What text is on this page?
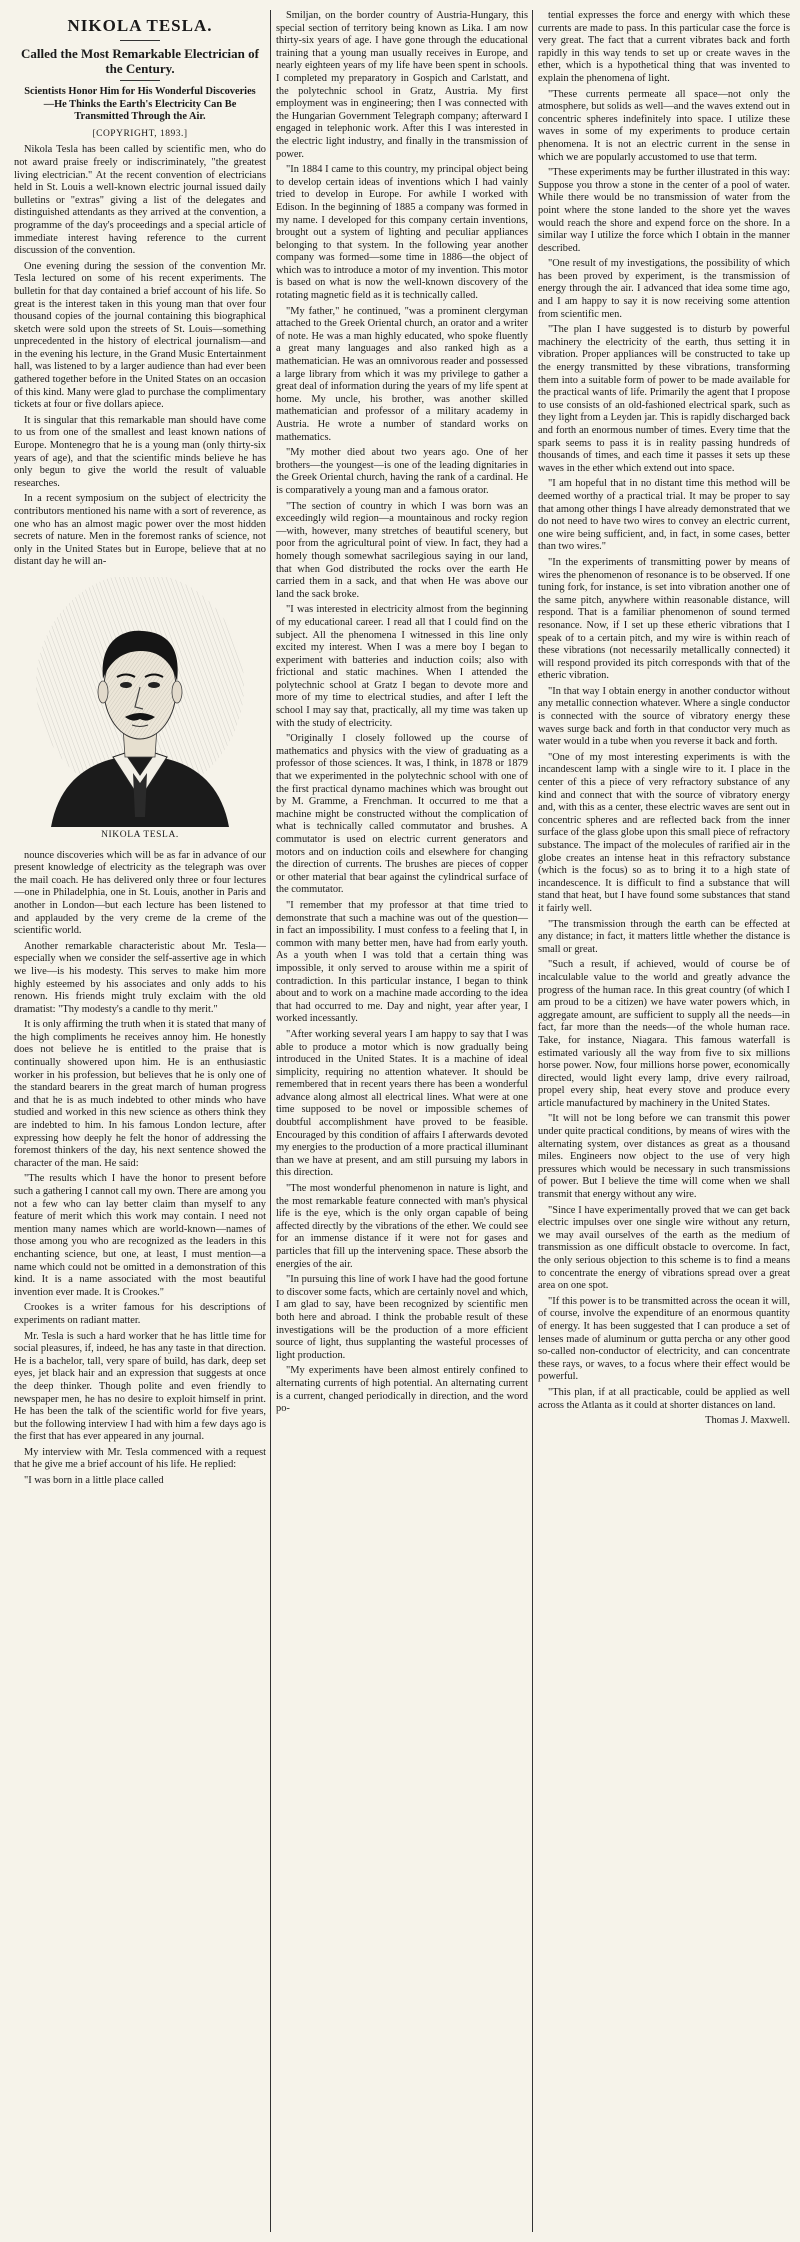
NIKOLA TESLA.
Called the Most Remarkable Electrician of the Century.
Scientists Honor Him for His Wonderful Discoveries—He Thinks the Earth's Electricity Can Be Transmitted Through the Air.
[COPYRIGHT, 1893.]

Nikola Tesla has been called by scientific men, who do not award praise freely or indiscriminately, "the greatest living electrician." At the recent convention of electricians held in St. Louis a well-known electric journal issued daily bulletins or "extras" giving a list of the delegates and distinguished attendants as they arrived at the convention, a programme of the day's proceedings and a special article of immediate interest having reference to the current discussion of the convention.

One evening during the session of the convention Mr. Tesla lectured on some of his recent experiments. The bulletin for that day contained a brief account of his life. So great is the interest taken in this young man that over four thousand copies of the journal containing this biographical sketch were sold upon the streets of St. Louis—something unprecedented in the history of electrical journalism—and in the evening his lecture, in the Grand Music Entertainment hall, was listened to by a larger audience than had ever been gathered together before in the United States on an occasion of this kind. Many were glad to purchase the complimentary tickets at four or five dollars apiece.

It is singular that this remarkable man should have come to us from one of the smallest and least known nations of Europe. Montenegro that he is a young man (only thirty-six years of age), and that the scientific minds believe he has only begun to give the world the result of valuable researches.

In a recent symposium on the subject of electricity the contributors mentioned his name with a sort of reverence, as one who has an almost magic power over the most hidden secrets of nature. Men in the foremost ranks of science, not only in the United States but in Europe, believe that at no distant day he will an-

NIKOLA TESLA.

nounce discoveries which will be as far in advance of our present knowledge of electricity as the telegraph was over the mail coach. He has delivered only three or four lectures—one in Philadelphia, one in St. Louis, another in Paris and another in London—but each lecture has been listened to and applauded by the very creme de la creme of the scientific world.

Another remarkable characteristic about Mr. Tesla—especially when we consider the self-assertive age in which we live—is his modesty. This serves to make him more highly esteemed by his associates and only adds to his renown. His friends might truly exclaim with the old dramatist: "Thy modesty's a candle to thy merit."

It is only affirming the truth when it is stated that many of the high compliments he receives annoy him. He honestly does not believe he is entitled to the praise that is continually showered upon him. He is an enthusiastic worker in his profession, but believes that he is only one of the standard bearers in the great march of human progress and that he is as much indebted to other minds who have studied and worked in this new science as others think they are indebted to him. In his famous London lecture, after expressing how deeply he felt the honor of addressing the foremost thinkers of the day, his next sentence showed the character of the man. He said:

"The results which I have the honor to present before such a gathering I cannot call my own. There are among you not a few who can lay better claim than myself to any feature of merit which this work may contain. I need not mention many names which are world-known—names of those among you who are recognized as the leaders in this enchanting science, but one, at least, I must mention—a name which could not be omitted in a demonstration of this kind. It is a name associated with the most beautiful invention ever made. It is Crookes."

Crookes is a writer famous for his descriptions of experiments on radiant matter.

Mr. Tesla is such a hard worker that he has little time for social pleasures, if, indeed, he has any taste in that direction. He is a bachelor, tall, very spare of build, has dark, deep set eyes, jet black hair and an expression that suggests at once the deep thinker. Though polite and even friendly to newspaper men, he has no desire to exploit himself in print. He has been the talk of the scientific world for five years, but the following interview I had with him a few days ago is the first that has ever appeared in any journal.

My interview with Mr. Tesla commenced with a request that he give me a brief account of his life. He replied:

"I was born in a little place called

Smiljan, on the border country of Austria-Hungary, this special section of territory being known as Lika. I am now thirty-six years of age. I have gone through the educational training that a young man usually receives in Europe, and nearly eighteen years of my life have been spent in schools. I completed my preparatory in Gospich and Carlstatt, and the polytechnic school in Gratz, Austria. My first employment was in engineering; then I was connected with the Hungarian Government Telegraph company; afterward I engaged in telephonic work. After this I was interested in the electric light industry, and finally in the transmission of power.

"In 1884 I came to this country, my principal object being to develop certain ideas of inventions which I had vainly tried to develop in Europe. For awhile I worked with Edison. In the beginning of 1885 a company was formed in my name. I developed for this company certain inventions, brought out a system of lighting and peculiar appliances belonging to that system. In the following year another company was formed—some time in 1886—the object of which was to introduce a motor of my invention. This motor is based on what is now the well-known discovery of the rotating magnetic field as it is technically called.

"My father," he continued, "was a prominent clergyman attached to the Greek Oriental church, an orator and a writer of note. He was a man highly educated, who spoke fluently a great many languages and also ranked high as a mathematician. He was an omnivorous reader and possessed a large library from which it was my privilege to gather a great deal of information during the years of my life spent at home. My uncle, his brother, was another skilled mathematician and professor of a military academy in Austria. He wrote a number of standard works on mathematics.

"My mother died about two years ago. One of her brothers—the youngest—is one of the leading dignitaries in the Greek Oriental church, having the rank of a cardinal. He is comparatively a young man and a famous orator.

"The section of country in which I was born was an exceedingly wild region—a mountainous and rocky region—with, however, many stretches of beautiful scenery, but poor from the agricultural point of view. In fact, they had a homely though somewhat sacrilegious saying in our land, that when God distributed the rocks over the earth He carried them in a sack, and that when He was above our land the sack broke.

"I was interested in electricity almost from the beginning of my educational career. I read all that I could find on the subject. All the phenomena I witnessed in this line only excited my interest. When I was a mere boy I began to experiment with batteries and induction coils; also with frictional and static machines. When I attended the polytechnic school at Gratz I began to devote more and more of my time to electrical studies, and after I left the school I may say that, practically, all my time was taken up with the study of electricity.

"Originally I closely followed up the course of mathematics and physics with the view of graduating as a professor of those sciences. It was, I think, in 1878 or 1879 that we experimented in the polytechnic school with one of the first practical dynamo machines which was brought out by M. Gramme, a Frenchman. It occurred to me that a machine might be constructed without the complication of what is technically called commutator and brushes. A commutator is used on electric current generators and motors and on induction coils and elsewhere for changing the direction of currents. The brushes are pieces of copper or other material that bear against the cylindrical surface of the commutator.

"I remember that my professor at that time tried to demonstrate that such a machine was out of the question—in fact an impossibility. I must confess to a feeling that I, in common with many better men, have had from early youth. As a youth when I was told that a certain thing was impossible, it only served to arouse within me a spirit of contradiction. In this particular instance, I began to think about and to work on a machine made according to the idea that had occurred to me. Day and night, year after year, I worked incessantly.

"After working several years I am happy to say that I was able to produce a motor which is now gradually being introduced in the United States. It is a machine of ideal simplicity, requiring no attention whatever. It should be remembered that in recent years there has been a wonderful advance along almost all electrical lines. What were at one time supposed to be novel or impossible schemes of doubtful accomplishment have proved to be feasible. Encouraged by this condition of affairs I afterwards devoted my energies to the production of a more practical illuminant than we have at present, and am still pursuing my labors in this direction.

"The most wonderful phenomenon in nature is light, and the most remarkable feature connected with man's physical life is the eye, which is the only organ capable of being affected directly by the vibrations of the ether. We could see for an immense distance if it were not for gases and particles that fill up the intervening space. These absorb the energies of the air.

"In pursuing this line of work I have had the good fortune to discover some facts, which are certainly novel and which, I am glad to say, have been recognized by scientific men both here and abroad. I think the probable result of these investigations will be the production of a more efficient source of light, thus supplanting the wasteful processes of light production.

"My experiments have been almost entirely confined to alternating currents of high potential. An alternating current is a current, changed periodically in direction, and the word po-

tential expresses the force and energy with which these currents are made to pass. In this particular case the force is very great. The fact that a current vibrates back and forth rapidly in this way tends to set up or create waves in the ether, which is a hypothetical thing that was invented to explain the phenomena of light.

"These currents permeate all space—not only the atmosphere, but solids as well—and the waves extend out in concentric spheres indefinitely into space. I utilize these waves in some of my experiments to produce certain phenomena. It is not an electric current in the sense in which we are popularly accustomed to use that term.

"These experiments may be further illustrated in this way: Suppose you throw a stone in the center of a pool of water. While there would be no transmission of water from the point where the stone landed to the shore yet the waves would reach the shore and expend force on the shore. In a similar way I utilize the force which I obtain in the manner described.

"One result of my investigations, the possibility of which has been proved by experiment, is the transmission of energy through the air. I advanced that idea some time ago, and I am happy to say it is now receiving some attention from scientific men.

"The plan I have suggested is to disturb by powerful machinery the electricity of the earth, thus setting it in vibration. Proper appliances will be constructed to take up the energy transmitted by these vibrations, transforming them into a suitable form of power to be made available for the practical wants of life. Primarily the agent that I propose to use consists of an old-fashioned electrical spark, such as they light from a Leyden jar. This is rapidly discharged back and forth an enormous number of times. Every time that the spark seems to pass it is in reality passing hundreds of thousands of times, and each time it passes it sets up these waves in the ether which extend out into space.

"I am hopeful that in no distant time this method will be deemed worthy of a practical trial. It may be proper to say that among other things I have already demonstrated that we do not need to have two wires to convey an electric current, one wire being sufficient, and, in fact, in some cases, better than two wires."

"In the experiments of transmitting power by means of wires the phenomenon of resonance is to be observed. If one tuning fork, for instance, is set into vibration another one of the same pitch, anywhere within reasonable distance, will respond. That is a familiar phenomenon of sound termed resonance. Now, if I set up these etheric vibrations that I speak of to a certain pitch, and my wire is within reach of these vibrations (not necessarily metallically connected) it will respond provided its pitch corresponds with that of the etheric vibration.

"In that way I obtain energy in another conductor without any metallic connection whatever. Where a single conductor is connected with the source of vibratory energy these waves surge back and forth in that conductor very much as water would in a tube when you reverse it back and forth.

"One of my most interesting experiments is with the incandescent lamp with a single wire to it. I place in the center of this a piece of very refractory substance of any kind and connect that with the source of vibratory energy and, with this as a center, these electric waves are sent out in concentric spheres and are reflected back from the inner surface of the glass globe upon this small piece of refractory substance. The impact of the molecules of rarified air in the globe creates an intense heat in this refractory substance (which is the focus) so as to bring it to a high state of incandescence. It is difficult to find a substance that will stand that heat, but I have found some substances that stand it fairly well.

"The transmission through the earth can be effected at any distance; in fact, it matters little whether the distance is small or great.

"Such a result, if achieved, would of course be of incalculable value to the world and greatly advance the progress of the human race. In this great country (of which I am proud to be a citizen) we have water powers which, in aggregate amount, are sufficient to supply all the needs—in fact, far more than the needs—of the whole human race. Take, for instance, Niagara. This famous waterfall is estimated variously all the way from five to six millions horse power. Now, four millions horse power, economically directed, would light every lamp, drive every railroad, propel every ship, heat every stove and produce every article manufactured by machinery in the United States.

"It will not be long before we can transmit this power under quite practical conditions, by means of wires with the alternating system, over distances as great as a thousand miles. Engineers now object to the use of very high pressures which would be necessary in such transmissions of power. But I believe the time will come when we shall transmit that energy without any wire.

"Since I have experimentally proved that we can get back electric impulses over one single wire without any return, we may avail ourselves of the earth as the medium of transmission as one difficult obstacle to overcome. In fact, the only serious objection to this scheme is to find a means to concentrate the energy of vibrations spread over a great area on one spot.

"If this power is to be transmitted across the ocean it will, of course, involve the expenditure of an enormous quantity of energy. It has been suggested that I can produce a set of lenses made of aluminum or gutta percha or any other good so-called non-conductor of electricity, and can concentrate these rays, or waves, to a focus where their effect would be powerful.

"This plan, if at all practicable, could be applied as well across the Atlanta as it could at shorter distances on land.

Thomas J. Maxwell.
